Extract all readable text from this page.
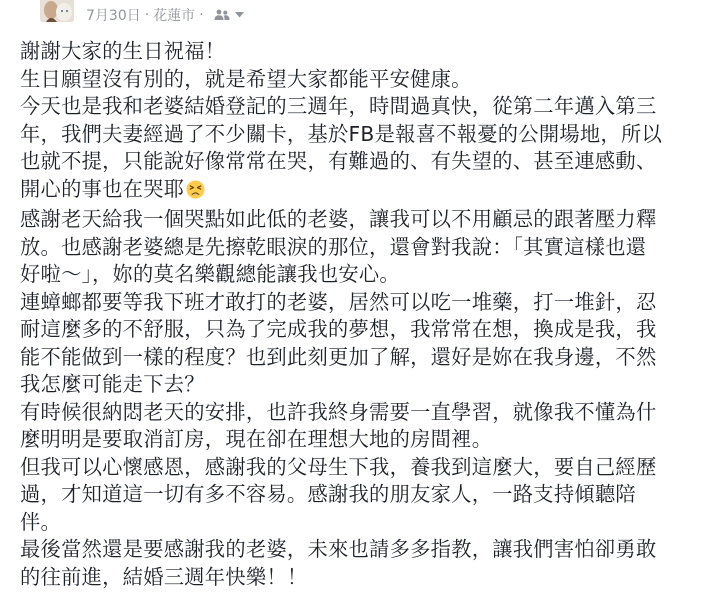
7月30日 · 花蓮市 ·

謝謝大家的生日祝福！

生日願望沒有別的，就是希望大家都能平安健康。

今天也是我和老婆結婚登記的三週年，時間過真快，從第二年邁入第三

年，我們夫妻經過了不少關卡，基於FB是報喜不報憂的公開場地，所以

也就不提，只能說好像常常在哭，有難過的、有失望的、甚至連感動、

開心的事也在哭耶

感謝老天給我一個哭點如此低的老婆，讓我可以不用顧忌的跟著壓力釋

放。也感謝老婆總是先擦乾眼淚的那位，還會對我說：「其實這樣也還

好啦～」，妳的莫名樂觀總能讓我也安心。

連蟑螂都要等我下班才敢打的老婆，居然可以吃一堆藥，打一堆針，忍

耐這麼多的不舒服，只為了完成我的夢想，我常常在想，換成是我，我

能不能做到一樣的程度？也到此刻更加了解，還好是妳在我身邊，不然

我怎麼可能走下去？

有時候很納悶老天的安排，也許我終身需要一直學習，就像我不懂為什

麼明明是要取消訂房，現在卻在理想大地的房間裡。

但我可以心懷感恩，感謝我的父母生下我，養我到這麼大，要自己經歷

過，才知道這一切有多不容易。感謝我的朋友家人，一路支持傾聽陪

伴。

最後當然還是要感謝我的老婆，未來也請多多指教，讓我們害怕卻勇敢

的往前進，結婚三週年快樂！！
